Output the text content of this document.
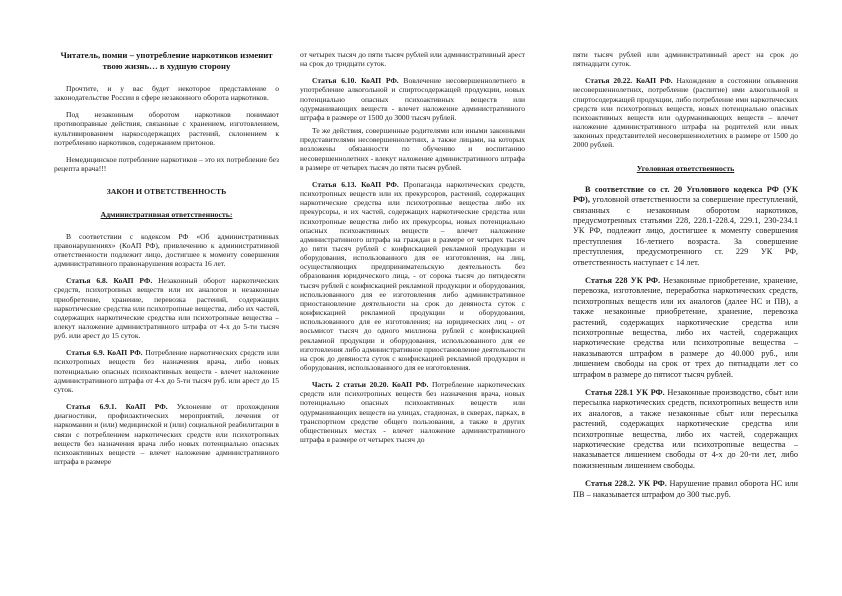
Читатель, помни – употребление наркотиков изменит твою жизнь… в худшую сторону

Прочтите, и у вас будет некоторое представление о законодательстве России в сфере незаконного оборота наркотиков.

Под незаконным оборотом наркотиков понимают противоправные действия, связанные с хранением, изготовлением, культивированием наркосодержащих растений, склонением к потреблению наркотиков, содержанием притонов.

Немедицинское потребление наркотиков – это их потребление без рецепта врача!!!

ЗАКОН И ОТВЕТСТВЕННОСТЬ
Административная ответственность:

В соответствии с кодексом РФ «Об административных правонарушениях» (КоАП РФ), привлечению к административной ответственности подлежит лицо, достигшее к моменту совершения административного правонарушения возраста 16 лет.

Статья 6.8. КоАП РФ. Незаконный оборот наркотических средств, психотропных веществ или их аналогов и незаконные приобретение, хранение, перевозка растений, содержащих наркотические средства или психотропные вещества, либо их частей, содержащих наркотические средства или психотропные вещества – влекут наложение административного штрафа от 4-х до 5-ти тысяч руб. или арест до 15 суток.

Статья 6.9. КоАП РФ. Потребление наркотических средств или психотропных веществ без назначения врача, либо новых потенциально опасных психоактивных веществ - влечет наложение административного штрафа от 4-х до 5-ти тысяч руб. или арест до 15 суток.

Статья 6.9.1. КоАП РФ. Уклонение от прохождения диагностики, профилактических мероприятий, лечения от наркомании и (или) медицинской и (или) социальной реабилитации в связи с потреблением наркотических средств или психотропных веществ без назначения врача либо новых потенциально опасных психоактивных веществ – влечет наложение административного штрафа в размере

от четырех тысяч до пяти тысяч рублей или административный арест на срок до тридцати суток.

Статья 6.10. КоАП РФ. Вовлечение несовершеннолетнего в употребление алкогольной и спиртосодержащей продукции, новых потенциально опасных психоактивных веществ или одурманивающих веществ - влечет наложение административного штрафа в размере от 1500 до 3000 тысяч рублей.

Те же действия, совершенные родителями или иными законными представителями несовершеннолетних, а также лицами, на которых возложены обязанности по обучению и воспитанию несовершеннолетних - влекут наложение административного штрафа в размере от четырех тысяч до пяти тысяч рублей.

Статья 6.13. КоАП РФ. Пропаганда наркотических средств, психотропных веществ или их прекурсоров, растений, содержащих наркотические средства или психотропные вещества либо их прекурсоры, и их частей, содержащих наркотические средства или психотропные вещества либо их прекурсоры, новых потенциально опасных психоактивных веществ – влечет наложение административного штрафа на граждан в размере от четырех тысяч до пяти тысяч рублей с конфискацией рекламной продукции и оборудования, использованного для ее изготовления, на лиц, осуществляющих предпринимательскую деятельность без образования юридического лица, - от сорока тысяч до пятидесяти тысяч рублей с конфискацией рекламной продукции и оборудования, использованного для ее изготовления либо административное приостановление деятельности на срок до девяноста суток с конфискацией рекламной продукции и оборудования, использованного для ее изготовления; на юридических лиц - от восьмисот тысяч до одного миллиона рублей с конфискацией рекламной продукции и оборудования, использованного для ее изготовления либо административное приостановление деятельности на срок до девяноста суток с конфискацией рекламной продукции и оборудования, использованного для ее изготовления.

Часть 2 статьи 20.20. КоАП РФ. Потребление наркотических средств или психотропных веществ без назначения врача, новых потенциально опасных психоактивных веществ или одурманивающих веществ на улицах, стадионах, в скверах, парках, в транспортном средстве общего пользования, а также в других общественных местах - влечет наложение административного штрафа в размере от четырех тысяч до

пяти тысяч рублей или административный арест на срок до пятнадцати суток.

Статья 20.22. КоАП РФ. Нахождение в состоянии опьянения несовершеннолетних, потребление (распитие) ими алкогольной и спиртосодержащей продукции, либо потребление ими наркотических средств или психотропных веществ, новых потенциально опасных психоактивных веществ или одурманивающих веществ – влечет наложение административного штрафа на родителей или иных законных представителей несовершеннолетних в размере от 1500 до 2000 рублей.

Уголовная ответственность

В соответствие со ст. 20 Уголовного кодекса РФ (УК РФ), уголовной ответственности за совершение преступлений, связанных с незаконным оборотом наркотиков, предусмотренных статьями 228, 228.1-228.4, 229.1, 230-234.1 УК РФ, подлежит лицо, достигшее к моменту совершения преступления 16-летнего возраста. За совершение преступления, предусмотренного ст. 229 УК РФ, ответственность наступает с 14 лет.

Статья 228 УК РФ. Незаконные приобретение, хранение, перевозка, изготовление, переработка наркотических средств, психотропных веществ или их аналогов (далее НС и ПВ), а также незаконные приобретение, хранение, перевозка растений, содержащих наркотические средства или психотропные вещества, либо их частей, содержащих наркотические средства или психотропные вещества – наказываются штрафом в размере до 40.000 руб., или лишением свободы на срок от трех до пятнадцати лет со штрафом в размере до пятисот тысяч рублей.

Статья 228.1 УК РФ. Незаконные производство, сбыт или пересылка наркотических средств, психотропных веществ или их аналогов, а также незаконные сбыт или пересылка растений, содержащих наркотические средства или психотропные вещества, либо их частей, содержащих наркотические средства или психотропные вещества – наказывается лишением свободы от 4-х до 20-ти лет, либо пожизненным лишением свободы.

Статья 228.2. УК РФ. Нарушение правил оборота НС или ПВ – наказывается штрафом до 300 тыс.руб.
